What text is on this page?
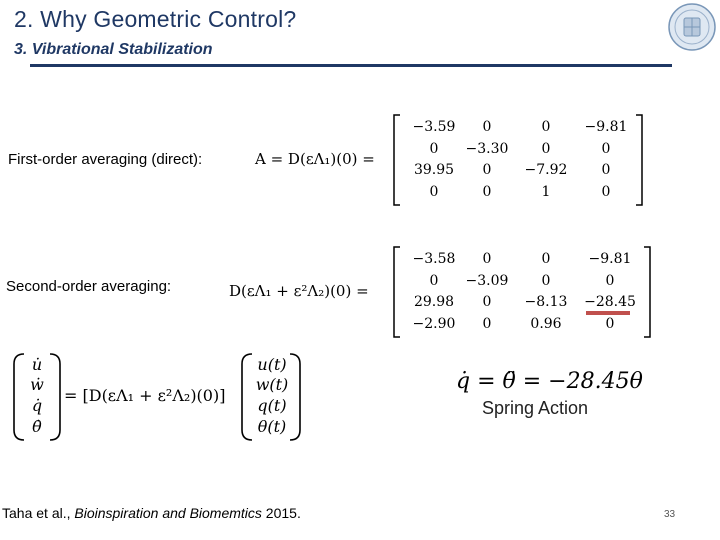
2. Why Geometric Control?
3. Vibrational Stabilization
First-order averaging (direct):	A = D(εΛ₁)(0) =
−3.59	0	0	−9.81
0	−3.30	0	0
39.95	0	−7.92	0
0	0	1	0
Second-order averaging:	D(εΛ₁ + ε²Λ₂)(0) =
−3.58	0	0	−9.81
0	−3.09	0	0
29.98	0	−8.13	−28.45
−2.90	0	0.96	0
u̇
ẇ
q̇
θ̇
= [D(εΛ₁ + ε²Λ₂)(0)]
u(t)
w(t)
q(t)
θ(t)
q̇ = θ̈ = −28.45θ
Spring Action
Taha et al., Bioinspiration and Biomemtics 2015.	33
